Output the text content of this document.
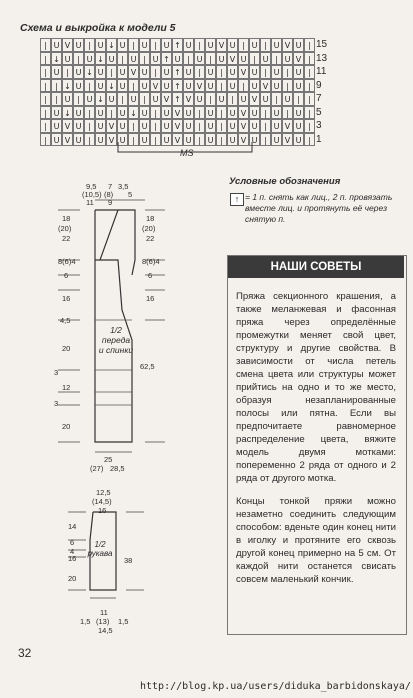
Схема и выкройка к модели 5
| U V U | U ↓ U | U | U ↑ U | U V U | U | U V U |
| ↓ U | U ↓ U | U | U ↑ U | U | U V U | U | U V |
| U | U ↓ U | U V U | U ↑ U | U | U V U | U | U |
|	| ↓ U | U ↓ U | U V U ↑ U V U | U | U V U | U |
|	| U | U ↓ U | U | U V ↑ V U | U | U V U | U |	|
| U ↓ U | U | U ↓ U | U V U | U | U V U | U | U |
| U V U | U V U | U | U V U | U | U V U | U V U |
| U V U | U V U | U | U V U | U | U V U | U V U |
15
13
11
9
7
5
3
1
MS
Условные обозначения
↑ = 1 п. снять как лиц., 2 п. провязать вместе лиц. и протянуть её через снятую п.
НАШИ СОВЕТЫ

Пряжа секционного крашения, а также меланжевая и фасонная пряжа через определённые промежутки меняет свой цвет, структуру и другие свойства. В зависимости от числа петель смена цвета или структуры может прийтись на одно и то же место, образуя незапланированные полосы или пятна. Если вы предпочитаете равномерное распределение цвета, вяжите модель двумя мотками: попеременно 2 ряда от одного и 2 ряда от другого мотка.

Концы тонкой пряжи можно незаметно соединить следующим способом: вденьте один конец нити в иголку и протяните его сквозь другой конец примерно на 5 см. От каждой нити останется свисать совсем маленький кончик.

9,5
(10,5)
11
7
(8)
9
3,5
5
18
(20)
22
8(6)4
6
16
4,5
20
3
12
3
20
18
(20)
22
8(6)4
6
16
62,5
1/2
переда
и спинки
25
(27) 28,5
12,5
(14,5)
16
14
6
4
16
20
38
1/2
рукава
1,5
11
(13)
14,5
1,5
32
http://blog.kp.ua/users/diduka_barbidonskaya/
